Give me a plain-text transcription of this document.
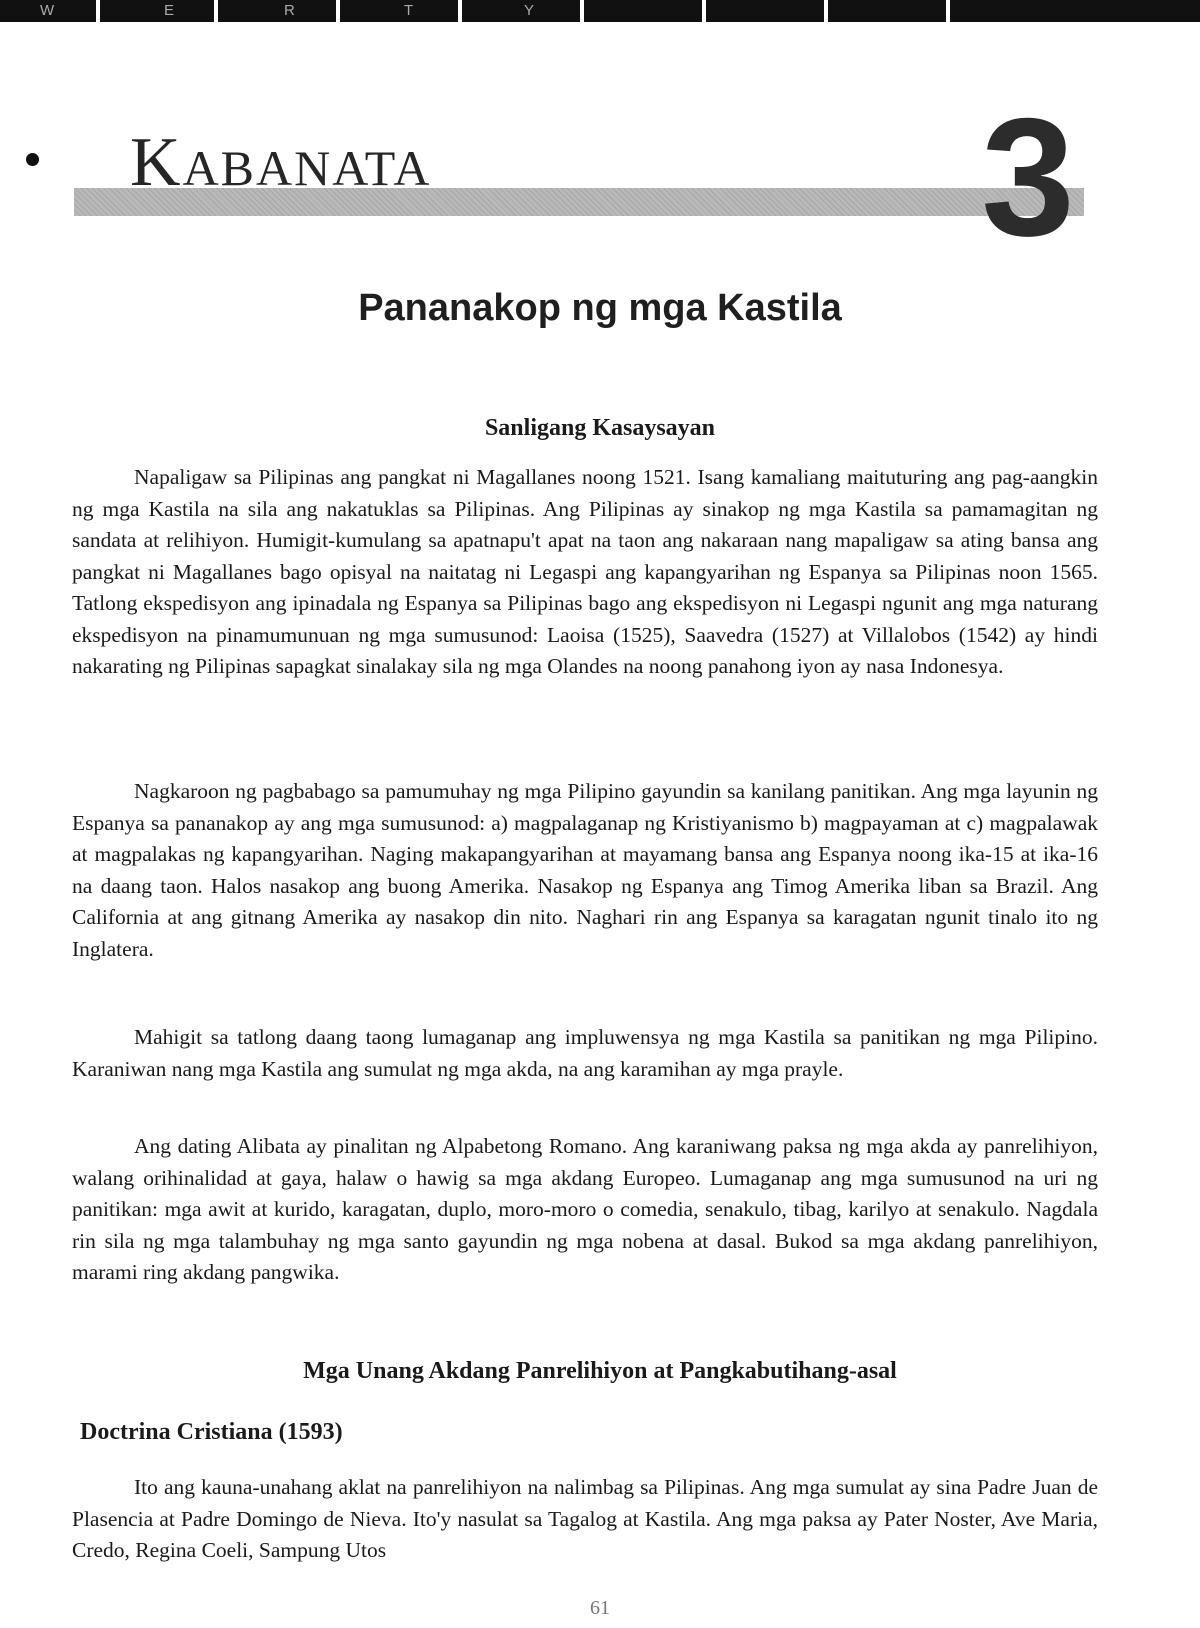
W	E	R	T	Y
KABANATA	3
Pananakop ng mga Kastila
Sanligang Kasaysayan

Napaligaw sa Pilipinas ang pangkat ni Magallanes noong 1521. Isang kamaliang maituturing ang pag-aangkin ng mga Kastila na sila ang nakatuklas sa Pilipinas. Ang Pilipinas ay sinakop ng mga Kastila sa pamamagitan ng sandata at relihiyon. Humigit-kumulang sa apatnapu't apat na taon ang nakaraan nang mapaligaw sa ating bansa ang pangkat ni Magallanes bago opisyal na naitatag ni Legaspi ang kapangyarihan ng Espanya sa Pilipinas noon 1565. Tatlong ekspedisyon ang ipinadala ng Espanya sa Pilipinas bago ang ekspedisyon ni Legaspi ngunit ang mga naturang ekspedisyon na pinamumunuan ng mga sumusunod: Laoisa (1525), Saavedra (1527) at Villalobos (1542) ay hindi nakarating ng Pilipinas sapagkat sinalakay sila ng mga Olandes na noong panahong iyon ay nasa Indonesya.

Nagkaroon ng pagbabago sa pamumuhay ng mga Pilipino gayundin sa kanilang panitikan. Ang mga layunin ng Espanya sa pananakop ay ang mga sumusunod: a) magpalaganap ng Kristiyanismo b) magpayaman at c) magpalawak at magpalakas ng kapangyarihan. Naging makapangyarihan at mayamang bansa ang Espanya noong ika-15 at ika-16 na daang taon. Halos nasakop ang buong Amerika. Nasakop ng Espanya ang Timog Amerika liban sa Brazil. Ang California at ang gitnang Amerika ay nasakop din nito. Naghari rin ang Espanya sa karagatan ngunit tinalo ito ng Inglatera.

Mahigit sa tatlong daang taong lumaganap ang impluwensya ng mga Kastila sa panitikan ng mga Pilipino. Karaniwan nang mga Kastila ang sumulat ng mga akda, na ang karamihan ay mga prayle.

Ang dating Alibata ay pinalitan ng Alpabetong Romano. Ang karaniwang paksa ng mga akda ay panrelihiyon, walang orihinalidad at gaya, halaw o hawig sa mga akdang Europeo. Lumaganap ang mga sumusunod na uri ng panitikan: mga awit at kurido, karagatan, duplo, moro-moro o comedia, senakulo, tibag, karilyo at senakulo. Nagdala rin sila ng mga talambuhay ng mga santo gayundin ng mga nobena at dasal. Bukod sa mga akdang panrelihiyon, marami ring akdang pangwika.

Mga Unang Akdang Panrelihiyon at Pangkabutihang-asal
Doctrina Cristiana (1593)

Ito ang kauna-unahang aklat na panrelihiyon na nalimbag sa Pilipinas. Ang mga sumulat ay sina Padre Juan de Plasencia at Padre Domingo de Nieva. Ito'y nasulat sa Tagalog at Kastila. Ang mga paksa ay Pater Noster, Ave Maria, Credo, Regina Coeli, Sampung Utos

61
